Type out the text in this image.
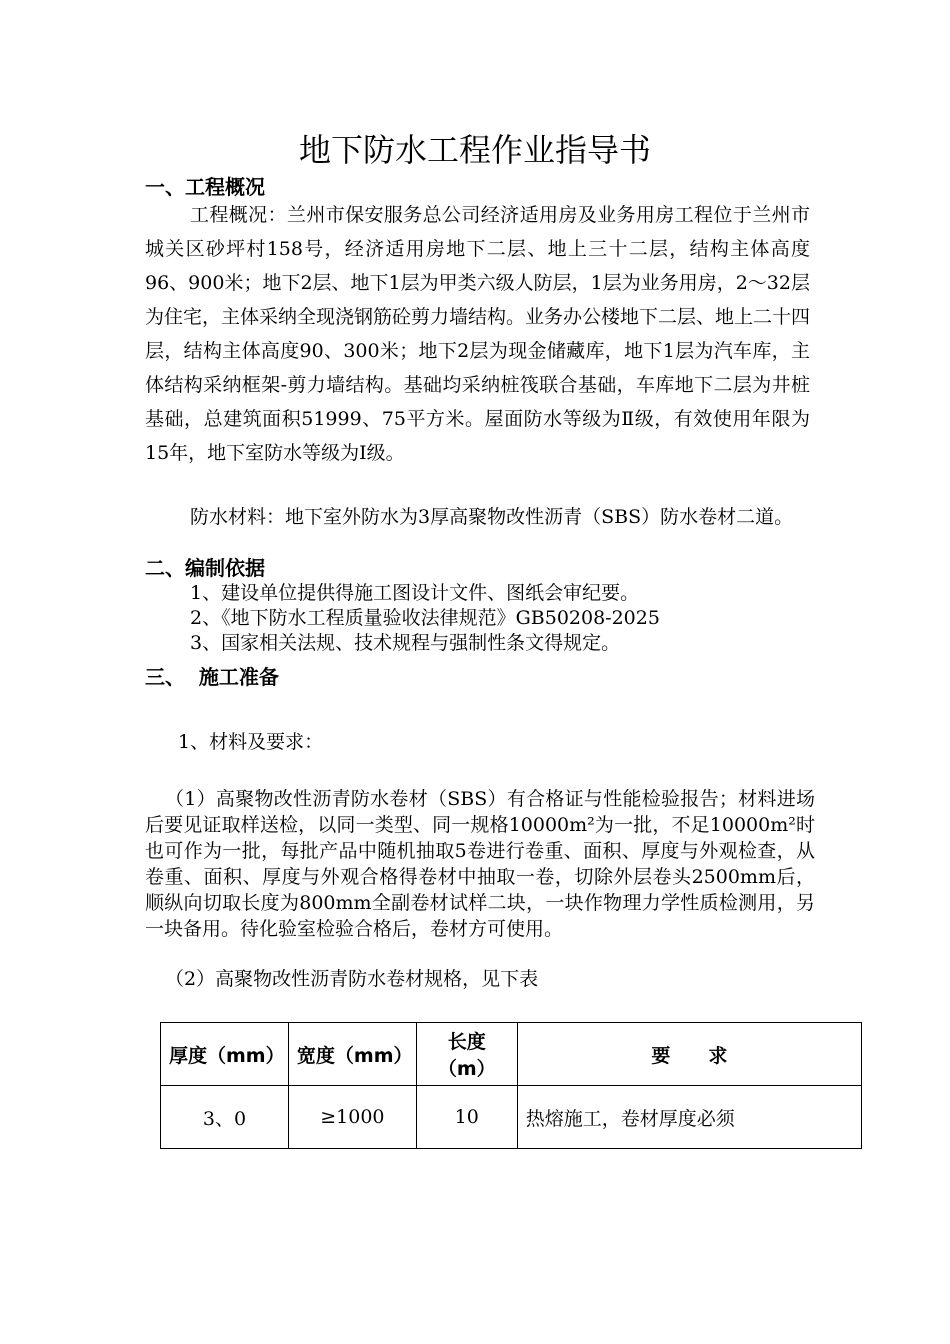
地下防水工程作业指导书
一、工程概况

工程概况：兰州市保安服务总公司经济适用房及业务用房工程位于兰州市城关区砂坪村158号，经济适用房地下二层、地上三十二层，结构主体高度96、900米；地下2层、地下1层为甲类六级人防层，1层为业务用房，2～32层为住宅，主体采纳全现浇钢筋砼剪力墙结构。业务办公楼地下二层、地上二十四层，结构主体高度90、300米；地下2层为现金储藏库，地下1层为汽车库，主体结构采纳框架-剪力墙结构。基础均采纳桩筏联合基础，车库地下二层为井桩基础，总建筑面积51999、75平方米。屋面防水等级为Ⅱ级，有效使用年限为15年，地下室防水等级为Ⅰ级。

防水材料：地下室外防水为3厚高聚物改性沥青（SBS）防水卷材二道。

二、编制依据

1、建设单位提供得施工图设计文件、图纸会审纪要。

2、《地下防水工程质量验收法律规范》GB50208-2025

3、国家相关法规、技术规程与强制性条文得规定。

三、  施工准备

1、材料及要求：

（1）高聚物改性沥青防水卷材（SBS）有合格证与性能检验报告；材料进场后要见证取样送检，以同一类型、同一规格10000m²为一批，不足10000m²时也可作为一批，每批产品中随机抽取5卷进行卷重、面积、厚度与外观检查，从卷重、面积、厚度与外观合格得卷材中抽取一卷，切除外层卷头2500mm后，顺纵向切取长度为800mm全副卷材试样二块，一块作物理力学性质检测用，另一块备用。待化验室检验合格后，卷材方可使用。

（2）高聚物改性沥青防水卷材规格，见下表

厚度（mm）	宽度（mm）	长度（m）	要　　求
3、0	≥1000	10	热熔施工，卷材厚度必须
